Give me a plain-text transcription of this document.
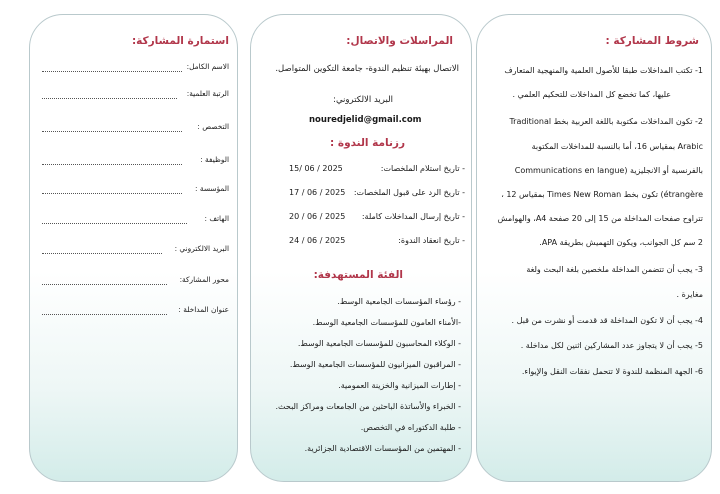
استمارة المشاركة:
الاسم الكامل:
الرتبة العلمية:
التخصص :
الوظيفة :
المؤسسة :
الهاتف :
البريد الالكتروني :
محور المشاركة:
عنوان المداخلة :
المراسلات والاتصال:
الاتصال بهيئة تنظيم الندوة- جامعة التكوين المتواصل.
البريد الالكتروني:
nouredjelid@gmail.com
رزنامة الندوة :
- تاريخ استلام الملخصات:
2025 / 06 /15
- تاريخ الرد على قبول الملخصات:
2025 / 06 / 17
- تاريخ إرسال المداخلات كاملة:
2025 / 06 / 20
- تاريخ انعقاد الندوة:
2025 / 06 / 24
الفئة المستهدفة:
- رؤساء المؤسسات الجامعية الوسط.
-الأمناء العامون للمؤسسات الجامعية الوسط.
- الوكلاء المحاسبون للمؤسسات الجامعية الوسط.
- المراقبون الميزانيون للمؤسسات الجامعية الوسط.
- إطارات الميزانية والخزينة العمومية.
- الخبراء والأساتذة الباحثين من الجامعات ومراكز البحث.
- طلبة الدكتوراه في التخصص.
- المهتمين من المؤسسات الاقتصادية الجزائرية.
شروط المشاركة :
1- تكتب المداخلات طبقا للأصول العلمية والمنهجية المتعارف
عليها، كما تخضع كل المداخلات للتحكيم العلمي .
2- تكون المداخلات مكتوبة باللغة العربية بخط Traditional
Arabic بمقياس 16، أما بالنسبة للمداخلات المكتوبة
بالفرنسية أو الانجليزية (Communications en langue
étrangère) تكون بخط Times New Roman بمقياس 12 ،
تتراوح صفحات المداخلة من 15 إلى 20 صفحة A4، والهوامش
2 سم كل الجوانب، ويكون التهميش بطريقة APA.
3- يجب أن تتضمن المداخلة ملخصين بلغة البحث ولغة
مغايرة .
4- يجب أن لا تكون المداخلة قد قدمت أو نشرت من قبل .
5- يجب أن لا يتجاوز عدد المشاركين اثنين لكل مداخلة .
6- الجهة المنظمة للندوة لا تتحمل نفقات النقل والإيواء.
